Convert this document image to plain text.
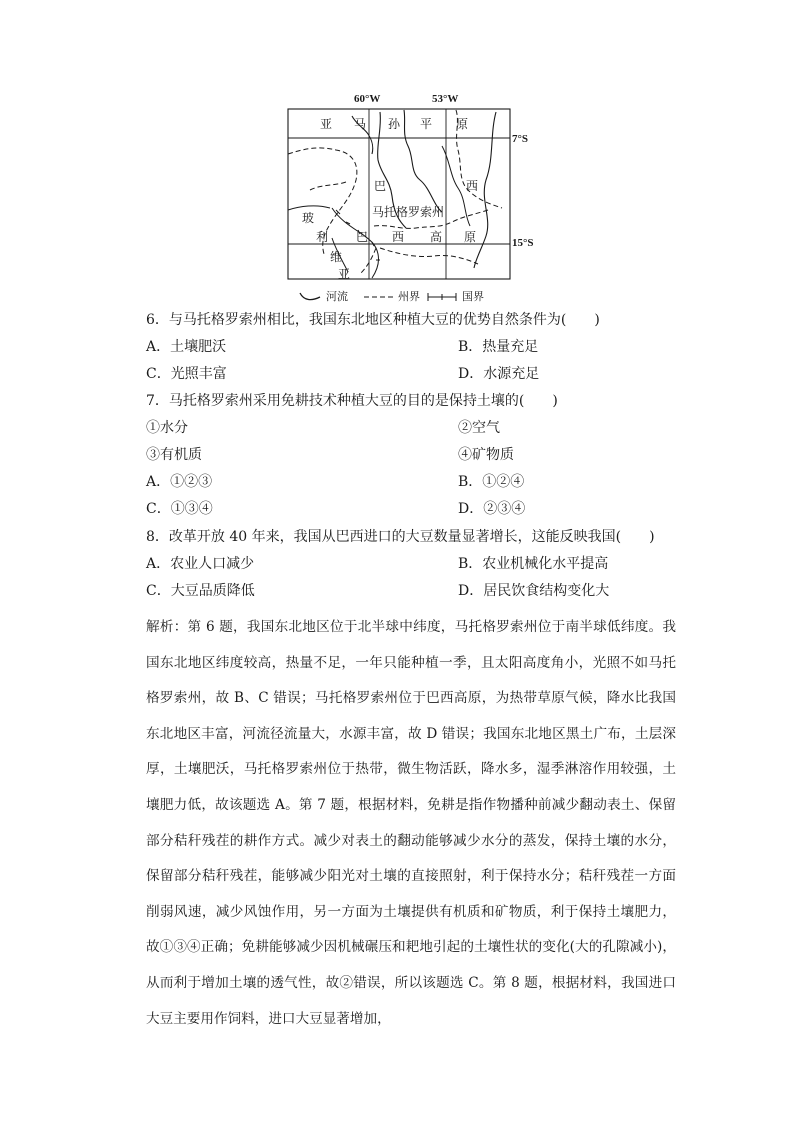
60°W	53°W
7°S
15°S
亚 马 孙 平 原
巴	西
马托格罗索州
玻
利 巴 西 高 原
维
亚
河流	州界	国界
6．与马托格罗索州相比，我国东北地区种植大豆的优势自然条件为(　　)
A．土壤肥沃	B．热量充足
C．光照丰富	D．水源充足
7．马托格罗索州采用免耕技术种植大豆的目的是保持土壤的(　　)
①水分	②空气
③有机质	④矿物质
A．①②③	B．①②④
C．①③④	D．②③④
8．改革开放 40 年来，我国从巴西进口的大豆数量显著增长，这能反映我国(　　)
A．农业人口减少	B．农业机械化水平提高
C．大豆品质降低	D．居民饮食结构变化大

解析：第 6 题，我国东北地区位于北半球中纬度，马托格罗索州位于南半球低纬度。我国东北地区纬度较高，热量不足，一年只能种植一季，且太阳高度角小，光照不如马托格罗索州，故 B、C 错误；马托格罗索州位于巴西高原，为热带草原气候，降水比我国东北地区丰富，河流径流量大，水源丰富，故 D 错误；我国东北地区黑土广布，土层深厚，土壤肥沃，马托格罗索州位于热带，微生物活跃，降水多，湿季淋溶作用较强，土壤肥力低，故该题选 A。第 7 题，根据材料，免耕是指作物播种前减少翻动表土、保留部分秸秆残茬的耕作方式。减少对表土的翻动能够减少水分的蒸发，保持土壤的水分，保留部分秸秆残茬，能够减少阳光对土壤的直接照射，利于保持水分；秸秆残茬一方面削弱风速，减少风蚀作用，另一方面为土壤提供有机质和矿物质，利于保持土壤肥力，故①③④正确；免耕能够减少因机械碾压和耙地引起的土壤性状的变化(大的孔隙减小)，从而利于增加土壤的透气性，故②错误，所以该题选 C。第 8 题，根据材料，我国进口大豆主要用作饲料，进口大豆显著增加，
